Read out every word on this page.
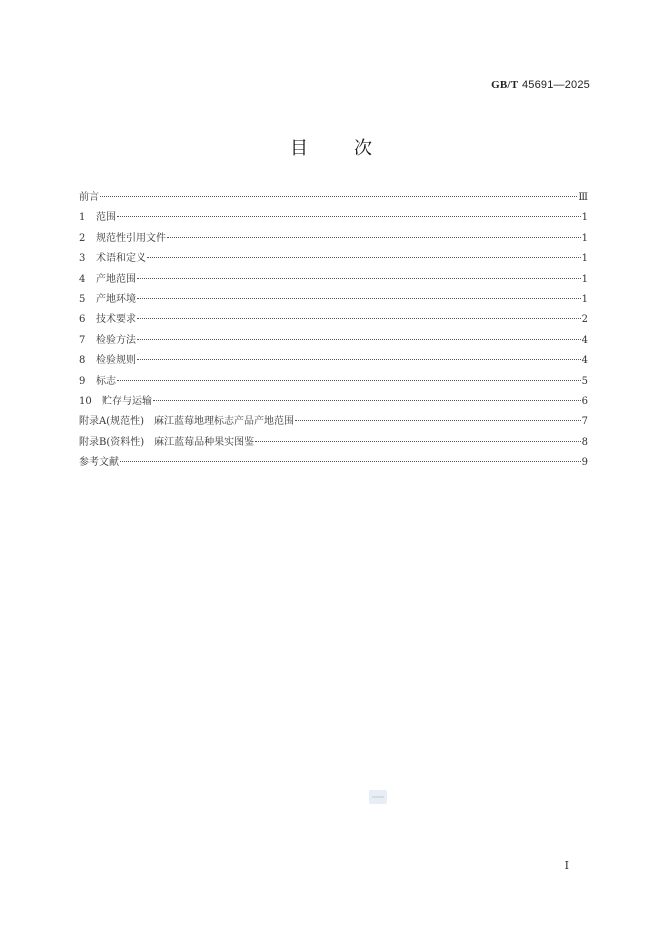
GB/T 45691—2025
目次
前言	Ⅲ
1	范围	1
2	规范性引用文件	1
3	术语和定义	1
4	产地范围	1
5	产地环境	1
6	技术要求	2
7	检验方法	4
8	检验规则	4
9	标志	5
10	贮存与运输	6
附录A(规范性) 麻江蓝莓地理标志产品产地范围	7
附录B(资料性) 麻江蓝莓品种果实图鉴	8
参考文献	9
I
